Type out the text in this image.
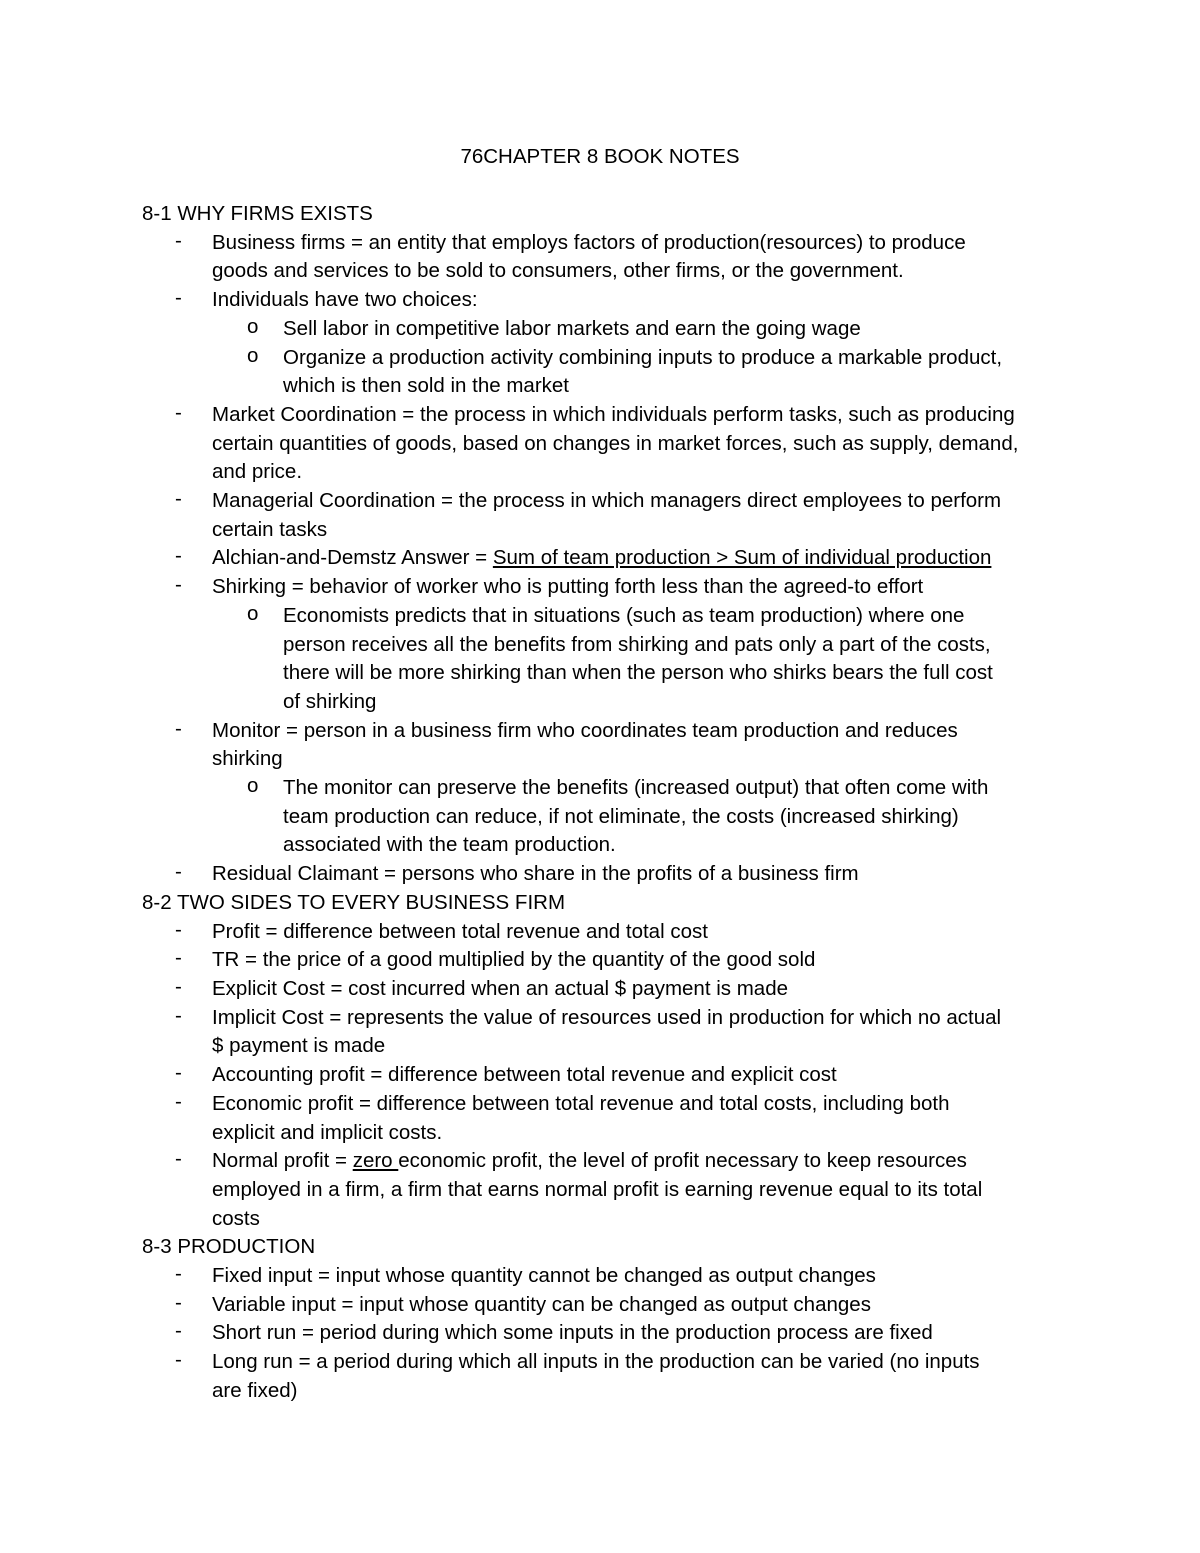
76CHAPTER 8 BOOK NOTES
8-1 WHY FIRMS EXISTS
- Business firms = an entity that employs factors of production(resources) to produce
goods and services to be sold to consumers, other firms, or the government.
- Individuals have two choices:
o Sell labor in competitive labor markets and earn the going wage
o Organize a production activity combining inputs to produce a markable product,
which is then sold in the market
- Market Coordination = the process in which individuals perform tasks, such as producing
certain quantities of goods, based on changes in market forces, such as supply, demand,
and price.
- Managerial Coordination = the process in which managers direct employees to perform
certain tasks
- Alchian-and-Demstz Answer = Sum of team production > Sum of individual production
- Shirking = behavior of worker who is putting forth less than the agreed-to effort
o Economists predicts that in situations (such as team production) where one
person receives all the benefits from shirking and pats only a part of the costs,
there will be more shirking than when the person who shirks bears the full cost
of shirking
- Monitor = person in a business firm who coordinates team production and reduces
shirking
o The monitor can preserve the benefits (increased output) that often come with
team production can reduce, if not eliminate, the costs (increased shirking)
associated with the team production.
- Residual Claimant = persons who share in the profits of a business firm
8-2 TWO SIDES TO EVERY BUSINESS FIRM
- Profit = difference between total revenue and total cost
- TR = the price of a good multiplied by the quantity of the good sold
- Explicit Cost = cost incurred when an actual $ payment is made
- Implicit Cost = represents the value of resources used in production for which no actual
$ payment is made
- Accounting profit = difference between total revenue and explicit cost
- Economic profit = difference between total revenue and total costs, including both
explicit and implicit costs.
- Normal profit = zero economic profit, the level of profit necessary to keep resources
employed in a firm, a firm that earns normal profit is earning revenue equal to its total
costs
8-3 PRODUCTION
- Fixed input = input whose quantity cannot be changed as output changes
- Variable input = input whose quantity can be changed as output changes
- Short run = period during which some inputs in the production process are fixed
- Long run = a period during which all inputs in the production can be varied (no inputs
are fixed)
